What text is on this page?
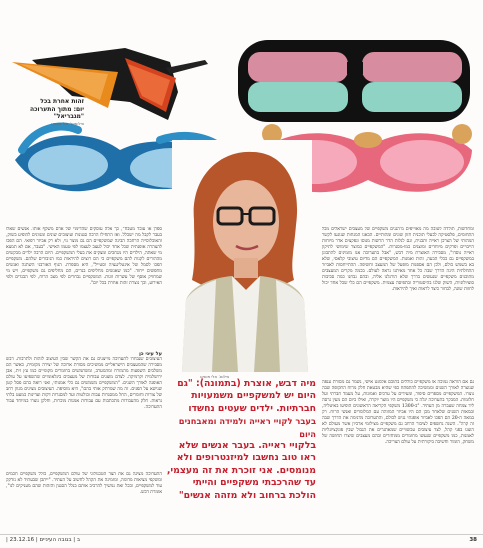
זהות אחרת בכל
יום: מתוך התערוכה
"מגבריאל"
צילומים: אלי פוסקו
צילום: אלי פוסקו

ומחדשות, תולדה לטובה מה מאוייפים מ'הגנים משקפיים של מעצבים ישראלים מכל התחומים, פלסטיקה לבעלי תוכנית חזון שונים ומהותיים. הבאנו המנחות שנוגעו לקשר המהותי של הצרכן ראייה ותבנית, וגם לגלות הדר הרשות מנוסו ונפקצים אדר מיוחות הייבויים ופרקים מיוחדים ומוצגים כמו-מסגרות. "המשקפיים כמוצר שימושי לתיקון ראייה נוסדו", מסבירה האוצרת מיה דבש, "אבל בתערוכה אנו מזמינים להתבונן במשקפיים גם ככלי הבעה, זהות ואמנות. המשקפיים הם מדיום עיצובי קלאסי, שלא בא בשמש כולם, ולכן הם אספנות מופעל של המעצב וחשיפה. ההתייחסות לאביזר התחלתית הינה הדרך שבה כל אחד מאיתנו נראה לעולם. בכמה מקרים המעצבים מתוכנים משקפיים שנעשים בדרך שלא הורגלנו אליה, ובהם נבחנו כמה סביבות סוציולוגיות, השוק שלנו בהיסטוריה ובתפיסה עצמית. משקפיים הם כלי שכל אחד יכול לחוות שונה, לבחור כיצד לראות ואיך להיראות.

גם אם הוראה נמוכה או משקפיים כוללים בתוכם אלמנט אישי, נשמר גם מסורת ענפה שנוצרה לאורך השנים וממשיכה להתפתח כפי שהיא מבטאת חלק מרוח התקופה שבה נוצרו. המשקפיים מספרים סיפור, ומעידים על ערכים ואמונות, על מעמד חברתי ועל חלומות. המבקר בתערוכה יגלה כי משקפיים היו מוצר יוקרה, ואילו כיום הם מעין גרסה ליד צמחה שעברה מן העתיד. "ב-1300 משקפי הקריאה הראשונים הופיעו באיטליה, ובמאות השנים שלאחר מכן הם היו אביזר המזוהה עם המלומדים ואנשי הרוח. רק במאה ה-20 הם הפכו לאביזר אופנתי נגיש לכולם, והתערוכה מדגימה את הדרך שבה זה קרה". השנה נחשפים לציבור הרחב גם משקפיים מצילומי ארכיון אשר מעולם לא הוצגו בפני קהל, לצד עיצובים עכשוויים שמאתגרים את הגבול שבין פונקציונליות לאמנות, כמו משקפיים שנעשו מחומרים ממוחזרים ובהם מעצבים שיצרו תחושה של משחק, הומור וחשיבה ביקורתית על עולם הצריכה.

מיה דבש, אוצרת (בתמונה): "גם
היום יש למשקפיים משמעויות
חברתיות. ילדים שעטים נחשדו
בעבר לקויי ראייה ולמידה ומאבחנים היום
בלקויי ראייה. בעבר אנשים שלא
ראו טוב נחשבו למיזנטרופים ולא
מנומסים. אני זוכרת את זה מעצמי,
עד שהרכבתי משקפיים והייתי
הולכת ברחוב ולא מזהה אנשים"

ספרן או עובד מטבח", כך אלה עוסקים שהדימוי של אדם משקף אותו. אנשים שאלו בעבר לקבל מה ישכלל. ואז התחילו הרבה סגנונות ועיצובים שונים ומגוונים להופיע בשוק, והאוכלוסייה הרחבה הבינה שמשקפיים הם גם מוצר נוי, ולא רק אביזר רפואי. הם הפכו להצהרה אופנתית שכל אחד יכול לעצב לעצמו לפי טעמו האישי. "בעבר, אם לא תמצא מי שאתה, הילדים היו מגחכים ומצקים את בעלי המשקפיים. היום הרבה ילדים מבקשים מההורים לקנות להם משקפיים כי הם רוצים להיראות כמו הגיבורים שלהם. משקפיים הפכו לסמל של אינטליגנציה וסטייל", היא מספרת. הנוף האורבני השתנה ואנשים מחפשים ייחוד. "כמו שאנשים מחליפים בגדים, הם מחליפים גם משקפיים, ויש מי שמחזיק אוסף של עשרות זוגות. המשקפיים נבחרים לפי מצב הרוח, לפי הבגדים ולפי האירוע, וכך נוצרת זהות אחרת בכל יום".

על עיני כן

העיצובים שנבחרו לתערוכה מייצגים גם את הקשר שבין העיצוב לזהות ולתרבות. דבש מסבירה שהמעצבים הישראליים ממשיכים מסורת ארוכה של יצירה מקומית, כאשר הם משלבים השפעות מהמזרח ומהמערב, ומשתמשים בחומרים מקומיים כמו עץ זית, אבן ירושלמית וקרמיקה. לצדם מוצגים עבודות של מעצבים בינלאומיים שהשפיעו על עולם האופנה לאורך השנים. "המשקפיים משמשים גם כלי אמנותי, ואני רואה בהם פסל קטן שנישא על הפנים. זה מה שמרתק אותי בהם", היא מוסיפה. העיצובים מציגים מגוון רחב של צורות וחומרים, החל ממסגרות עבות ובולטות ועד למסגרות דקות ועדינות כמעט בלתי נראות. חלק מהעבודות מתכתבות עם עבודות אמנות מוכרות, וחלקן נוצרו במיוחד עבור התערוכה.

התערוכה מציגה גם את הצד הטכנולוגי של עולם המשקפיים, כולל משקפיים חכמים ומשקפי מציאות מדומה, ומזמינה את הקהל לחשוב על העתיד. "ייתכן שבעתיד לא נזדקק עוד למשקפיים, ובכל זאת נמשיך להרכיב אותם בגלל הסגנון והזהות שהם מעניקים לנו", אומרת דבש.

| ב | בגובה העיניים | 23.12.16	38
